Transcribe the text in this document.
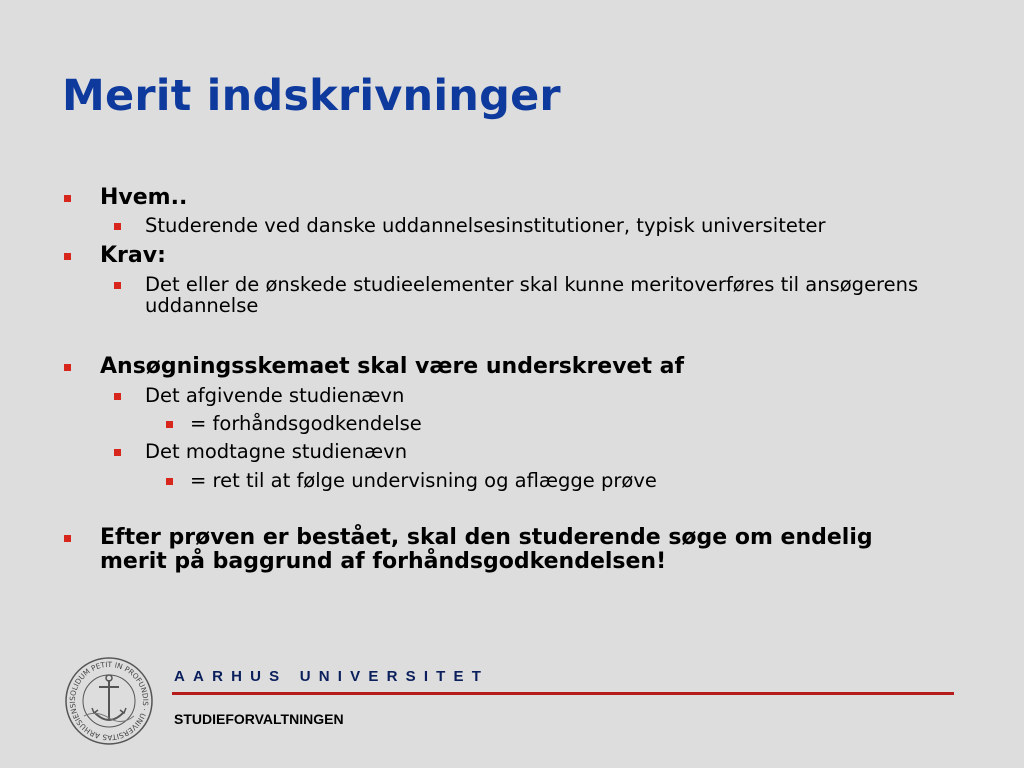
Merit indskrivninger
Hvem..
Studerende ved danske uddannelsesinstitutioner, typisk universiteter
Krav:
Det eller de ønskede studieelementer skal kunne meritoverføres til ansøgerens uddannelse
Ansøgningsskemaet skal være underskrevet af
Det afgivende studienævn
= forhåndsgodkendelse
Det modtagne studienævn
= ret til at følge undervisning og aflægge prøve
Efter prøven er bestået, skal den studerende søge om endelig merit på baggrund af forhåndsgodkendelsen!
SOLIDUM PETIT IN PROFUNDIS · UNIVERSITAS ARHUSIENSI
AARHUS UNIVERSITET
STUDIEFORVALTNINGEN
